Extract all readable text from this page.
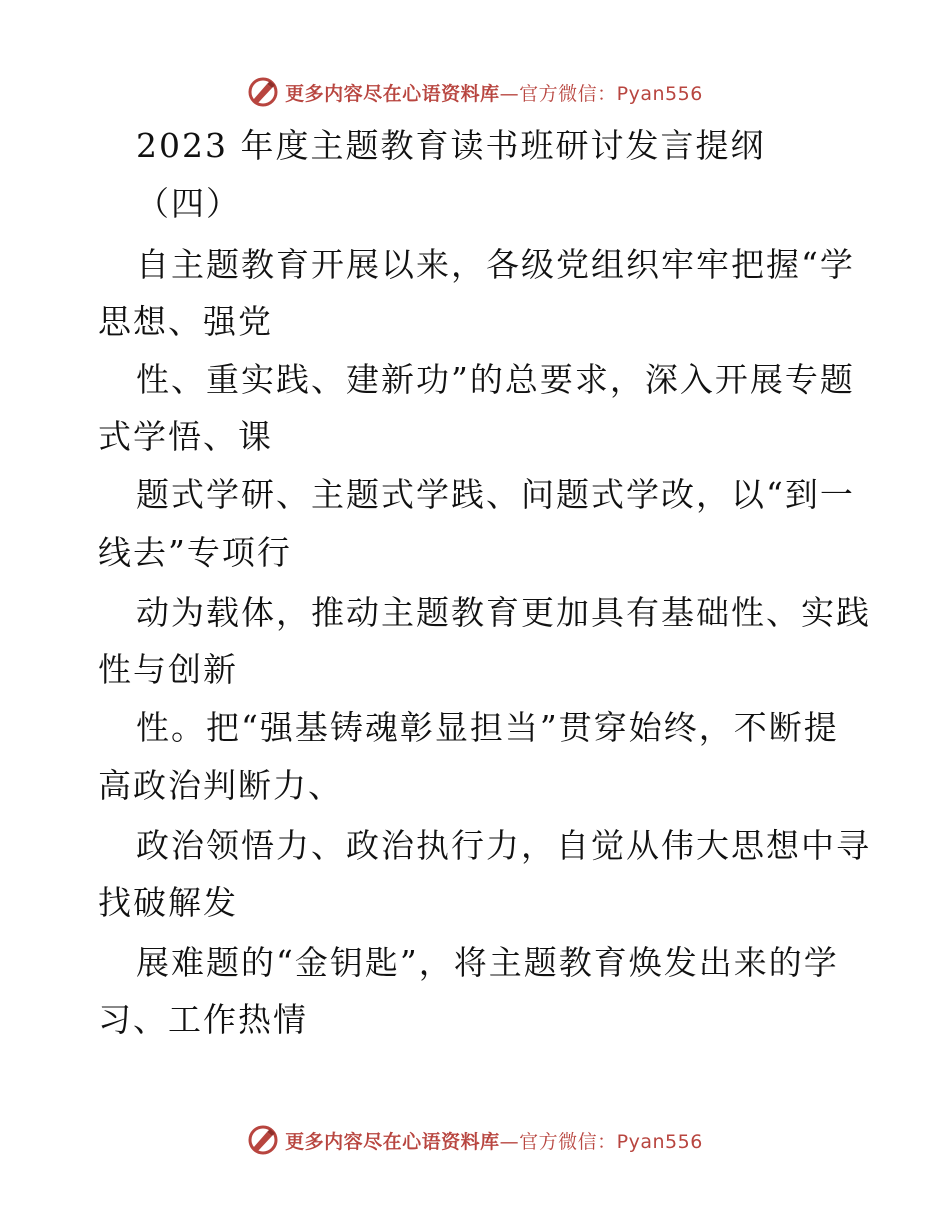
更多内容尽在心语资料库—官方微信：Pyan556
2023 年度主题教育读书班研讨发言提纲
（四）
自主题教育开展以来，各级党组织牢牢把握“学
思想、强党
性、重实践、建新功”的总要求，深入开展专题
式学悟、课
题式学研、主题式学践、问题式学改，以“到一
线去”专项行
动为载体，推动主题教育更加具有基础性、实践
性与创新
性。把“强基铸魂彰显担当”贯穿始终，不断提
高政治判断力、
政治领悟力、政治执行力，自觉从伟大思想中寻
找破解发
展难题的“金钥匙”，将主题教育焕发出来的学
习、工作热情
更多内容尽在心语资料库—官方微信：Pyan556
